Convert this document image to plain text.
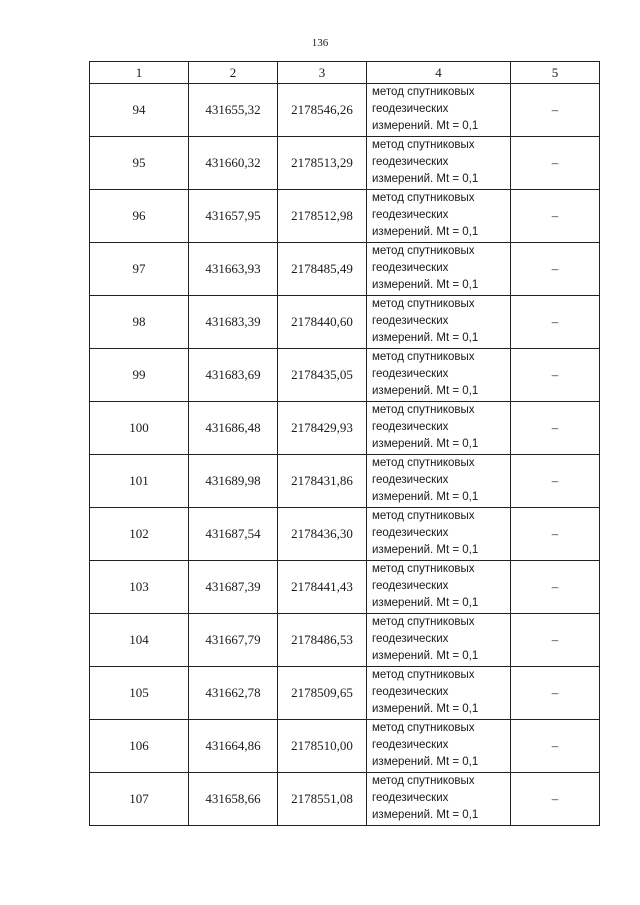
136
1	2	3	4	5
94	431655,32	2178546,26	метод спутниковых
геодезических
измерений. Mt = 0,1	–
95	431660,32	2178513,29	метод спутниковых
геодезических
измерений. Mt = 0,1	–
96	431657,95	2178512,98	метод спутниковых
геодезических
измерений. Mt = 0,1	–
97	431663,93	2178485,49	метод спутниковых
геодезических
измерений. Mt = 0,1	–
98	431683,39	2178440,60	метод спутниковых
геодезических
измерений. Mt = 0,1	–
99	431683,69	2178435,05	метод спутниковых
геодезических
измерений. Mt = 0,1	–
100	431686,48	2178429,93	метод спутниковых
геодезических
измерений. Mt = 0,1	–
101	431689,98	2178431,86	метод спутниковых
геодезических
измерений. Mt = 0,1	–
102	431687,54	2178436,30	метод спутниковых
геодезических
измерений. Mt = 0,1	–
103	431687,39	2178441,43	метод спутниковых
геодезических
измерений. Mt = 0,1	–
104	431667,79	2178486,53	метод спутниковых
геодезических
измерений. Mt = 0,1	–
105	431662,78	2178509,65	метод спутниковых
геодезических
измерений. Mt = 0,1	–
106	431664,86	2178510,00	метод спутниковых
геодезических
измерений. Mt = 0,1	–
107	431658,66	2178551,08	метод спутниковых
геодезических
измерений. Mt = 0,1	–
